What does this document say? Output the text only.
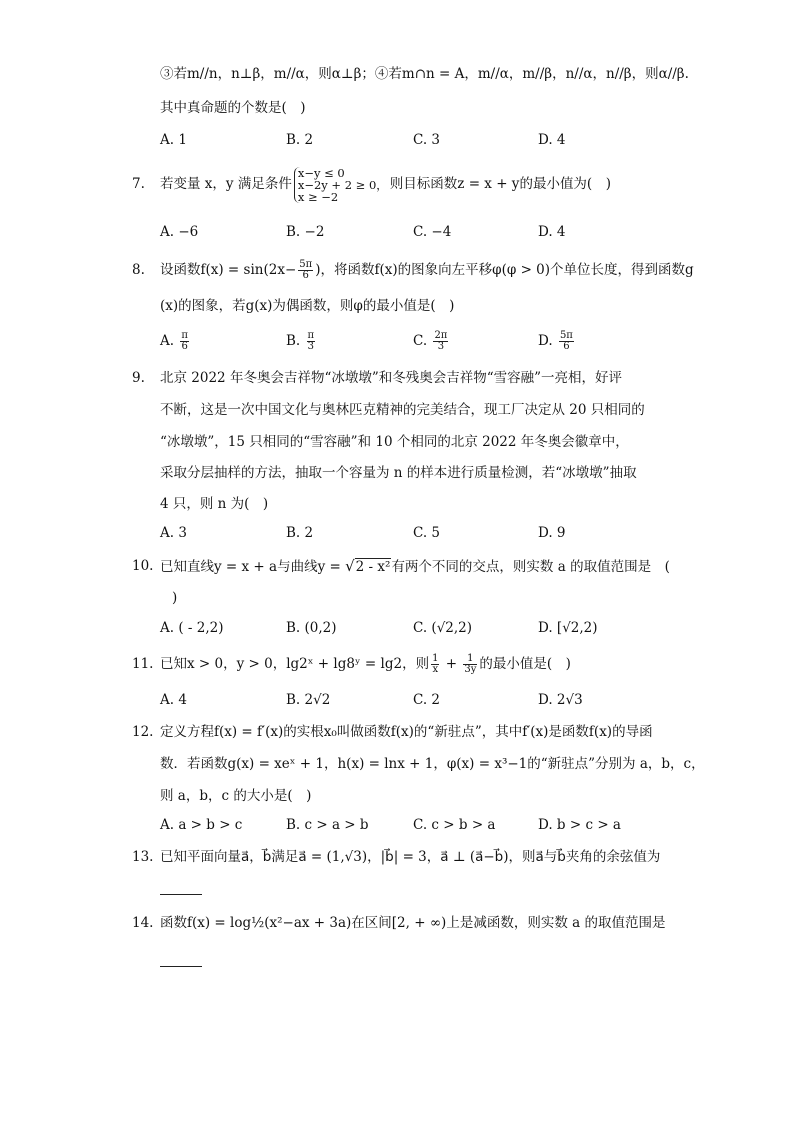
③若m//n，n⊥β，m//α，则α⊥β；④若m∩n = A，m//α，m//β，n//α，n//β，则α//β.
其中真命题的个数是(　)
A. 1	B. 2	C. 3	D. 4
7.	若变量 x，y 满足条件
x−y ≤ 0
x−2y + 2 ≥ 0，
x ≥ −2
则目标函数z = x + y的最小值为(　)
A. −6	B. −2	C. −4	D. 4
8.	设函数$f(x) = \sin(2x- \frac{5\pi}{6}$ )，将函数f(x)的图象向左平移φ(φ > 0)个单位长度，得到函数g
(x)的图象，若g(x)为偶函数，则φ的最小值是(　)
A. $\frac{\pi}{6}$	B. $\frac{\pi}{3}$	C. $\frac{2\pi}{3}$	D. $\frac{5\pi}{6}$
9.	北京 2022 年冬奥会吉祥物“冰墩墩”和冬残奥会吉祥物“雪容融”一亮相，好评
不断，这是一次中国文化与奥林匹克精神的完美结合，现工厂决定从 20 只相同的
“冰墩墩”，15 只相同的“雪容融”和 10 个相同的北京 2022 年冬奥会徽章中，
采取分层抽样的方法，抽取一个容量为 n 的样本进行质量检测，若“冰墩墩”抽取
4 只，则 n 为(　)
A. 3	B. 2	C. 5	D. 9
10. 已知直线y = x + a与曲线y = √2 - x²有两个不同的交点，则实数 a 的取值范围是　(
)
A. ( - 2,2)	B. (0,2)	C. (√2,2)	D. [√2,2)
11. 已知x > 0，y > 0，lg2ˣ + lg8ʸ = lg2，则 $\frac{1}{x} + \frac{1}{3y}$ 的最小值是(　)
A. 4	B. 2√2	C. 2	D. 2√3
12. 定义方程f(x) = f′(x)的实根x₀叫做函数f(x)的“新驻点”，其中f′(x)是函数f(x)的导函
数．若函数g(x) = xeˣ + 1，h(x) = lnx + 1，φ(x) = x³−1的“新驻点”分别为 a，b，c，
则 a，b，c 的大小是(　)
A. a > b > c	B. c > a > b	C. c > b > a	D. b > c > a
13. 已知平面向量a⃗，b⃗满足a⃗ = (1,√3)，|b⃗| = 3，a⃗ ⊥ (a⃗−b⃗)，则a⃗与b⃗夹角的余弦值为
14. 函数f(x) = log½(x²−ax + 3a)在区间[2, + ∞)上是减函数，则实数 a 的取值范围是
